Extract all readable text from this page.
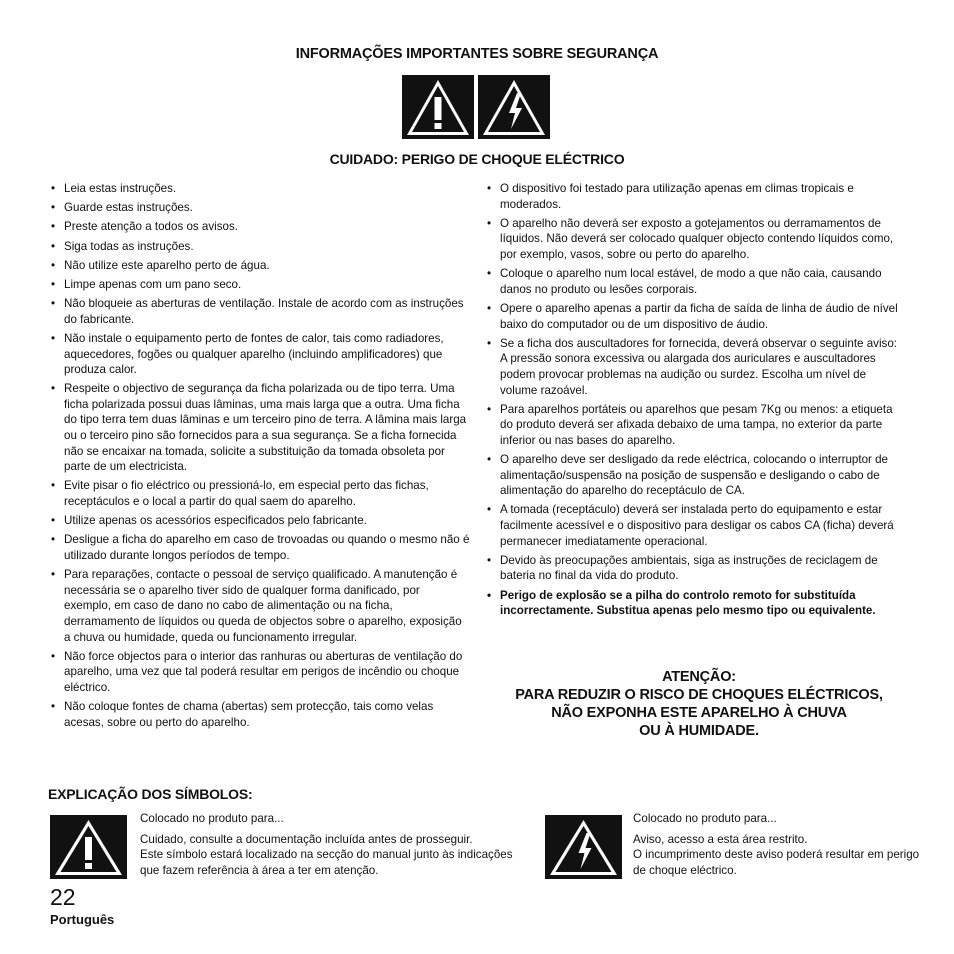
INFORMAÇÕES IMPORTANTES SOBRE SEGURANÇA
CUIDADO: PERIGO DE CHOQUE ELÉCTRICO
• Leia estas instruções.
• Guarde estas instruções.
• Preste atenção a todos os avisos.
• Siga todas as instruções.
• Não utilize este aparelho perto de água.
• Limpe apenas com um pano seco.
• Não bloqueie as aberturas de ventilação. Instale de acordo com as instruções do fabricante.
• Não instale o equipamento perto de fontes de calor, tais como radiadores, aquecedores, fogões ou qualquer aparelho (incluindo amplificadores) que produza calor.
• Respeite o objectivo de segurança da ficha polarizada ou de tipo terra. Uma ficha polarizada possui duas lâminas, uma mais larga que a outra. Uma ficha do tipo terra tem duas lâminas e um terceiro pino de terra. A lâmina mais larga ou o terceiro pino são fornecidos para a sua segurança. Se a ficha fornecida não se encaixar na tomada, solicite a substituição da tomada obsoleta por parte de um electricista.
• Evite pisar o fio eléctrico ou pressioná-lo, em especial perto das fichas, receptáculos e o local a partir do qual saem do aparelho.
• Utilize apenas os acessórios especificados pelo fabricante.
• Desligue a ficha do aparelho em caso de trovoadas ou quando o mesmo não é utilizado durante longos períodos de tempo.
• Para reparações, contacte o pessoal de serviço qualificado. A manutenção é necessária se o aparelho tiver sido de qualquer forma danificado, por exemplo, em caso de dano no cabo de alimentação ou na ficha, derramamento de líquidos ou queda de objectos sobre o aparelho, exposição a chuva ou humidade, queda ou funcionamento irregular.
• Não force objectos para o interior das ranhuras ou aberturas de ventilação do aparelho, uma vez que tal poderá resultar em perigos de incêndio ou choque eléctrico.
• Não coloque fontes de chama (abertas) sem protecção, tais como velas acesas, sobre ou perto do aparelho.
• O dispositivo foi testado para utilização apenas em climas tropicais e moderados.
• O aparelho não deverá ser exposto a gotejamentos ou derramamentos de líquidos. Não deverá ser colocado qualquer objecto contendo líquidos como, por exemplo, vasos, sobre ou perto do aparelho.
• Coloque o aparelho num local estável, de modo a que não caia, causando danos no produto ou lesões corporais.
• Opere o aparelho apenas a partir da ficha de saída de linha de áudio de nível baixo do computador ou de um dispositivo de áudio.
• Se a ficha dos auscultadores for fornecida, deverá observar o seguinte aviso: A pressão sonora excessiva ou alargada dos auriculares e auscultadores podem provocar problemas na audição ou surdez. Escolha um nível de volume razoável.
• Para aparelhos portáteis ou aparelhos que pesam 7Kg ou menos: a etiqueta do produto deverá ser afixada debaixo de uma tampa, no exterior da parte inferior ou nas bases do aparelho.
• O aparelho deve ser desligado da rede eléctrica, colocando o interruptor de alimentação/suspensão na posição de suspensão e desligando o cabo de alimentação do aparelho do receptáculo de CA.
• A tomada (receptáculo) deverá ser instalada perto do equipamento e estar facilmente acessível e o dispositivo para desligar os cabos CA (ficha) deverá permanecer imediatamente operacional.
• Devido às preocupações ambientais, siga as instruções de reciclagem de bateria no final da vida do produto.
• Perigo de explosão se a pilha do controlo remoto for substituída incorrectamente. Substitua apenas pelo mesmo tipo ou equivalente.
ATENÇÃO:
PARA REDUZIR O RISCO DE CHOQUES ELÉCTRICOS,
NÃO EXPONHA ESTE APARELHO À CHUVA
OU À HUMIDADE.
EXPLICAÇÃO DOS SÍMBOLOS:

Colocado no produto para...

Cuidado, consulte a documentação incluída antes de prosseguir.
Este símbolo estará localizado na secção do manual junto às indicações que fazem referência à área a ter em atenção.

Colocado no produto para...

Aviso, acesso a esta área restrito.
O incumprimento deste aviso poderá resultar em perigo de choque eléctrico.

22
Português
